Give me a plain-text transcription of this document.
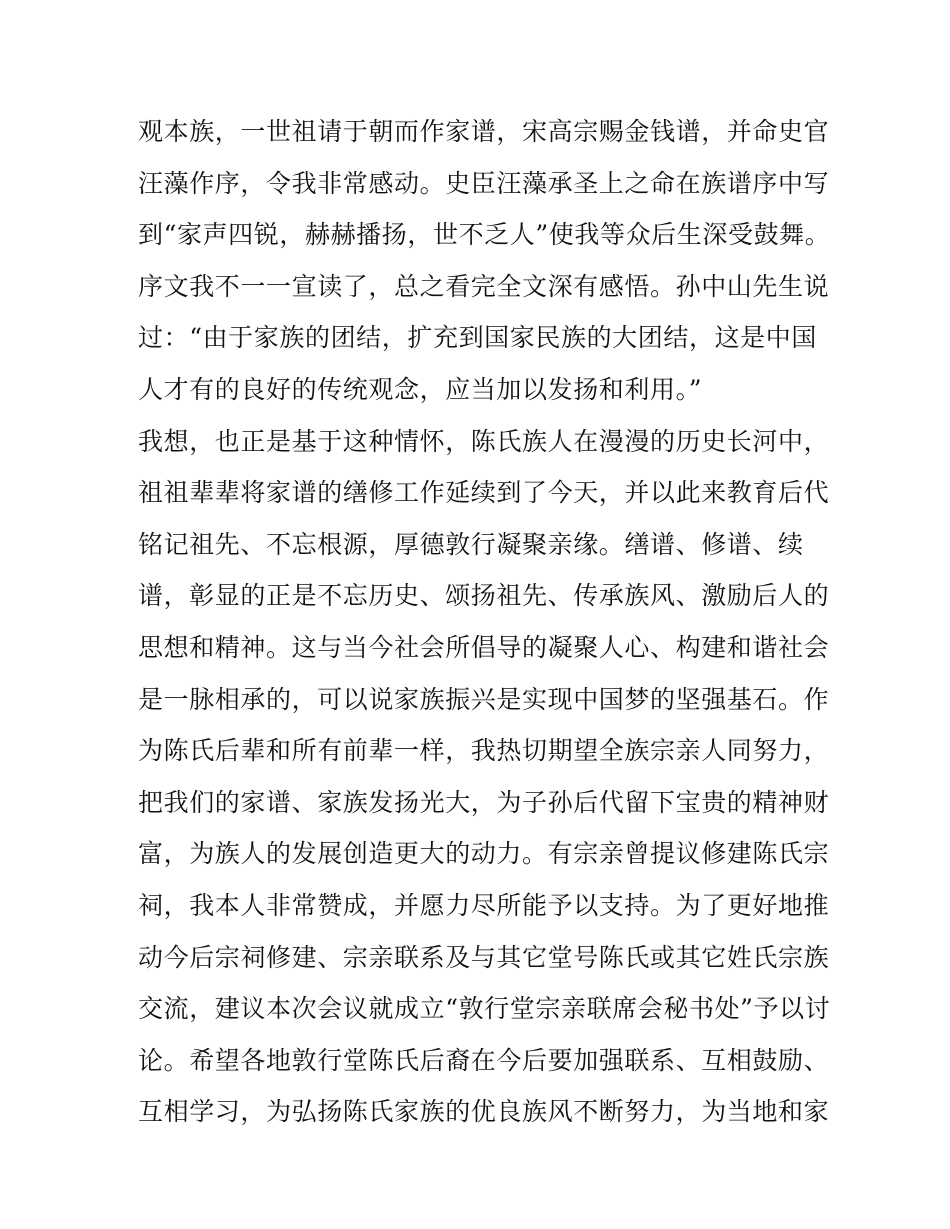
观本族，一世祖请于朝而作家谱，宋高宗赐金钱谱，并命史官
汪藻作序，令我非常感动。史臣汪藻承圣上之命在族谱序中写
到“家声四锐，赫赫播扬，世不乏人”使我等众后生深受鼓舞。
序文我不一一宣读了，总之看完全文深有感悟。孙中山先生说
过：“由于家族的团结，扩充到国家民族的大团结，这是中国
人才有的良好的传统观念，应当加以发扬和利用。”
我想，也正是基于这种情怀，陈氏族人在漫漫的历史长河中，
祖祖辈辈将家谱的缮修工作延续到了今天，并以此来教育后代
铭记祖先、不忘根源，厚德敦行凝聚亲缘。缮谱、修谱、续
谱，彰显的正是不忘历史、颂扬祖先、传承族风、激励后人的
思想和精神。这与当今社会所倡导的凝聚人心、构建和谐社会
是一脉相承的，可以说家族振兴是实现中国梦的坚强基石。作
为陈氏后辈和所有前辈一样，我热切期望全族宗亲人同努力，
把我们的家谱、家族发扬光大，为子孙后代留下宝贵的精神财
富，为族人的发展创造更大的动力。有宗亲曾提议修建陈氏宗
祠，我本人非常赞成，并愿力尽所能予以支持。为了更好地推
动今后宗祠修建、宗亲联系及与其它堂号陈氏或其它姓氏宗族
交流，建议本次会议就成立“敦行堂宗亲联席会秘书处”予以讨
论。希望各地敦行堂陈氏后裔在今后要加强联系、互相鼓励、
互相学习，为弘扬陈氏家族的优良族风不断努力，为当地和家
